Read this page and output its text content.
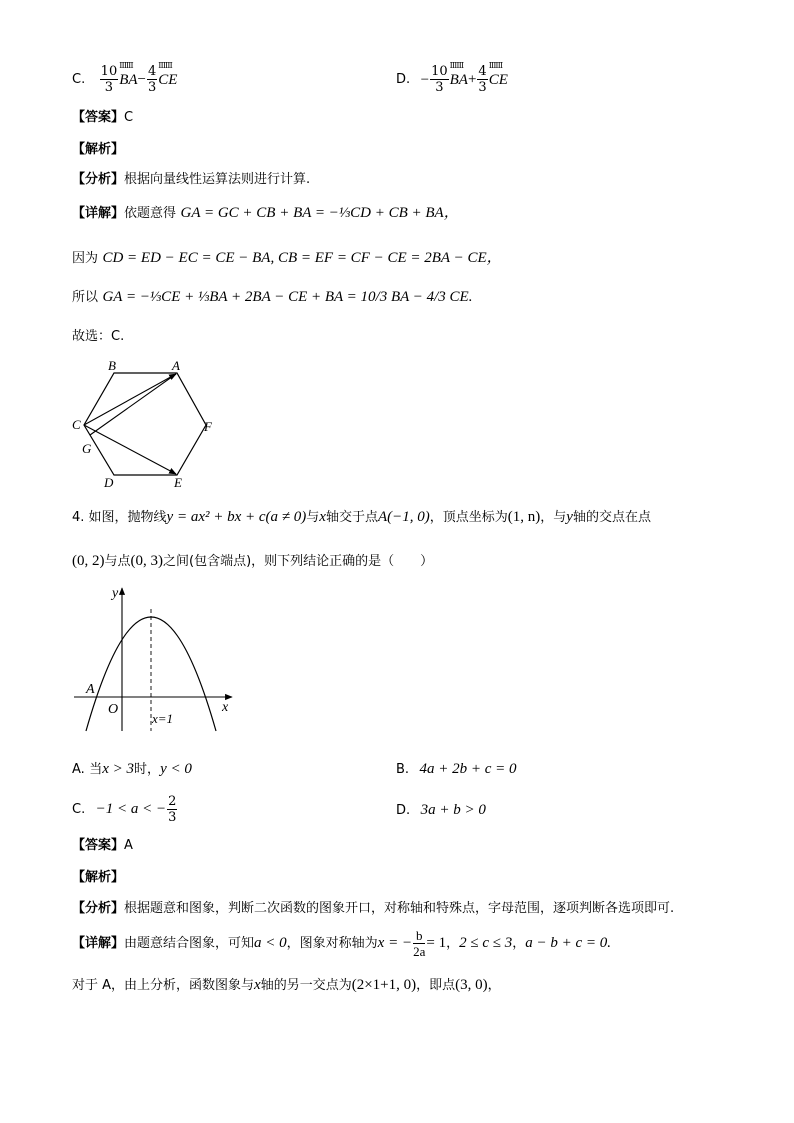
C. $\frac{10}{3}$ ⅢⅢ $BA- \frac{4}{3}$ ⅢⅢ CE	D. − $\frac{10}{3}$ ⅢⅢ $BA+ \frac{4}{3}$ ⅢⅢ CE
【答案】C
【解析】
【分析】根据向量线性运算法则进行计算.
【详解】依题意得 GA = GC + CB + BA = −⅓CD + CB + BA，
因为 CD = ED − EC = CE − BA, CB = EF = CF − CE = 2BA − CE，
所以 GA = −⅓CE + ⅓BA + 2BA − CE + BA = 10/3 BA − 4/3 CE.
故选：C.
B	A
C	F
G
D	E
4. 如图，抛物线y = ax² + bx + c(a ≠ 0)与x轴交于点A(−1, 0)，顶点坐标为(1, n)，与y轴的交点在点
(0, 2)与点(0, 3)之间(包含端点)，则下列结论正确的是（　　）
y
x
O
A
x=1
A. 当x > 3时，y < 0	B. 4a + 2b + c = 0
C. −1 < a < − $\frac{2}{3}$	D. 3a + b > 0
【答案】A
【解析】
【分析】根据题意和图象，判断二次函数的图象开口，对称轴和特殊点，字母范围，逐项判断各选项即可.
【详解】由题意结合图象，可知a < 0，图象对称轴为x = − $\frac{b}{2a} = 1$，2 ≤ c ≤ 3，a − b + c = 0.
对于 A，由上分析，函数图象与x轴的另一交点为(2×1+1, 0)，即点(3, 0)，
